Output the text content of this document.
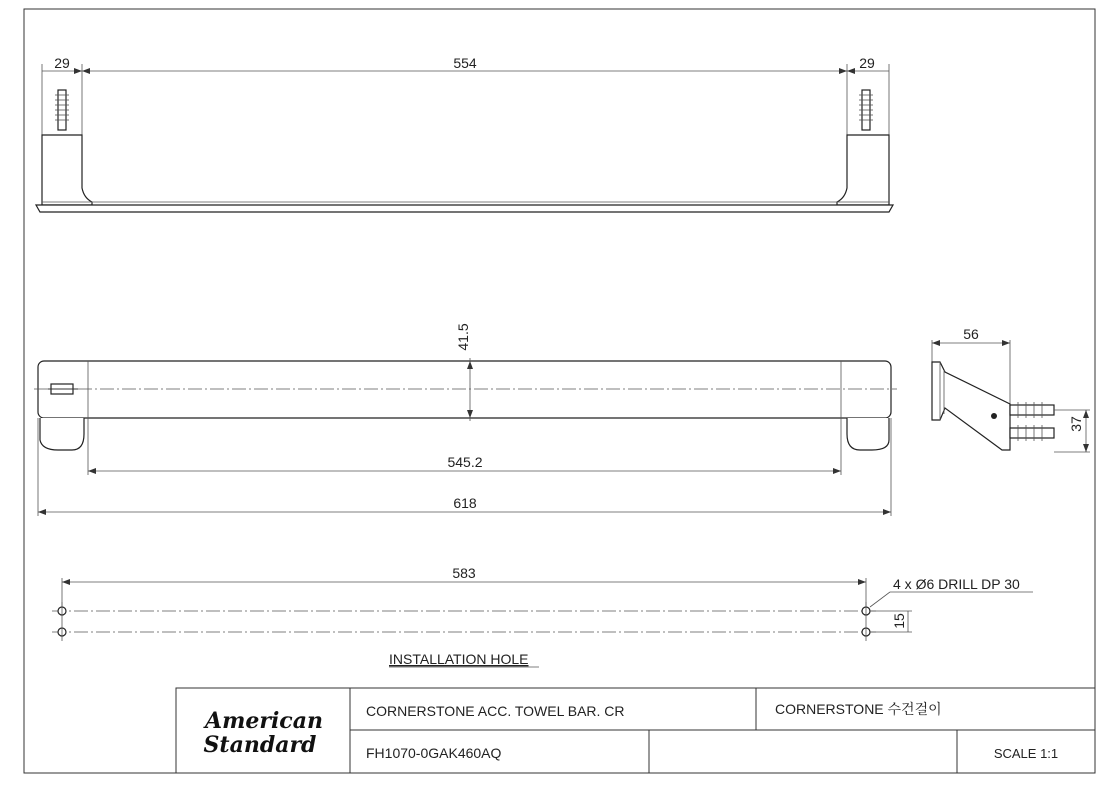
29	554	29
41.5
545.2
618
56
37
583
4 x Ø6 DRILL DP 30
15
INSTALLATION HOLE
American
Standard
CORNERSTONE ACC. TOWEL BAR. CR	CORNERSTONE 수건걸이
FH1070-0GAK460AQ	SCALE 1:1
